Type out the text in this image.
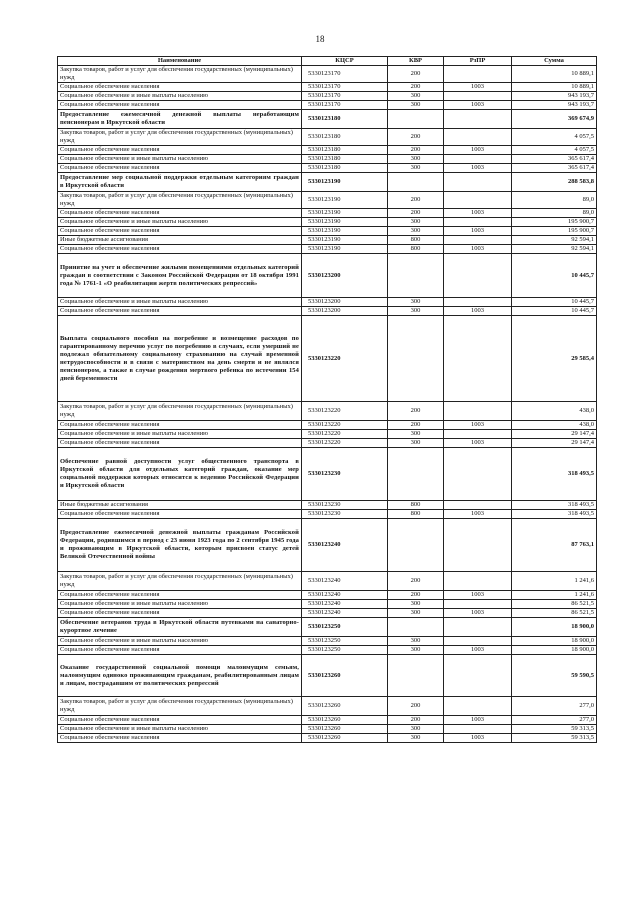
18
Наименование	КЦСР	КВР	РзПР	Сумма
Закупка товаров, работ и услуг для обеспечения государственных (муниципальных) нужд	5330123170	200		10 889,1
Социальное обеспечение населения	5330123170	200	1003	10 889,1
Социальное обеспечение и иные выплаты населению	5330123170	300		943 193,7
Социальное обеспечение населения	5330123170	300	1003	943 193,7
Предоставление ежемесячной денежной выплаты неработающим пенсионерам в Иркутской области	5330123180			369 674,9
Закупка товаров, работ и услуг для обеспечения государственных (муниципальных) нужд	5330123180	200		4 057,5
Социальное обеспечение населения	5330123180	200	1003	4 057,5
Социальное обеспечение и иные выплаты населению	5330123180	300		365 617,4
Социальное обеспечение населения	5330123180	300	1003	365 617,4
Предоставление мер социальной поддержки отдельным категориям граждан в Иркутской области	5330123190			288 583,8
Закупка товаров, работ и услуг для обеспечения государственных (муниципальных) нужд	5330123190	200		89,0
Социальное обеспечение населения	5330123190	200	1003	89,0
Социальное обеспечение и иные выплаты населению	5330123190	300		195 900,7
Социальное обеспечение населения	5330123190	300	1003	195 900,7
Иные бюджетные ассигнования	5330123190	800		92 594,1
Социальное обеспечение населения	5330123190	800	1003	92 594,1
Принятие на учет и обеспечение жилыми помещениями отдельных категорий граждан в соответствии с Законом Российской Федерации от 18 октября 1991 года № 1761-1 «О реабилитации жертв политических репрессий»	5330123200			10 445,7
Социальное обеспечение и иные выплаты населению	5330123200	300		10 445,7
Социальное обеспечение населения	5330123200	300	1003	10 445,7
Выплата социального пособия на погребение и возмещение расходов по гарантированному перечню услуг по погребению в случаях, если умерший не подлежал обязательному социальному страхованию на случай временной нетрудоспособности и в связи с материнством на день смерти и не являлся пенсионером, а также в случае рождения мертвого ребенка по истечении 154 дней беременности	5330123220			29 585,4
Закупка товаров, работ и услуг для обеспечения государственных (муниципальных) нужд	5330123220	200		438,0
Социальное обеспечение населения	5330123220	200	1003	438,0
Социальное обеспечение и иные выплаты населению	5330123220	300		29 147,4
Социальное обеспечение населения	5330123220	300	1003	29 147,4
Обеспечение равной доступности услуг общественного транспорта в Иркутской области для отдельных категорий граждан, оказание мер социальной поддержки которых относится к ведению Российской Федерации и Иркутской области	5330123230			318 493,5
Иные бюджетные ассигнования	5330123230	800		318 493,5
Социальное обеспечение населения	5330123230	800	1003	318 493,5
Предоставление ежемесячной денежной выплаты гражданам Российской Федерации, родившимся в период с 23 июня 1923 года по 2 сентября 1945 года и проживающим в Иркутской области, которым присвоен статус детей Великой Отечественной войны	5330123240			87 763,1
Закупка товаров, работ и услуг для обеспечения государственных (муниципальных) нужд	5330123240	200		1 241,6
Социальное обеспечение населения	5330123240	200	1003	1 241,6
Социальное обеспечение и иные выплаты населению	5330123240	300		86 521,5
Социальное обеспечение населения	5330123240	300	1003	86 521,5
Обеспечение ветеранов труда в Иркутской области путевками на санаторно-курортное лечение	5330123250			18 900,0
Социальное обеспечение и иные выплаты населению	5330123250	300		18 900,0
Социальное обеспечение населения	5330123250	300	1003	18 900,0
Оказание государственной социальной помощи малоимущим семьям, малоимущим одиноко проживающим гражданам, реабилитированным лицам и лицам, пострадавшим от политических репрессий	5330123260			59 590,5
Закупка товаров, работ и услуг для обеспечения государственных (муниципальных) нужд	5330123260	200		277,0
Социальное обеспечение населения	5330123260	200	1003	277,0
Социальное обеспечение и иные выплаты населению	5330123260	300		59 313,5
Социальное обеспечение населения	5330123260	300	1003	59 313,5
